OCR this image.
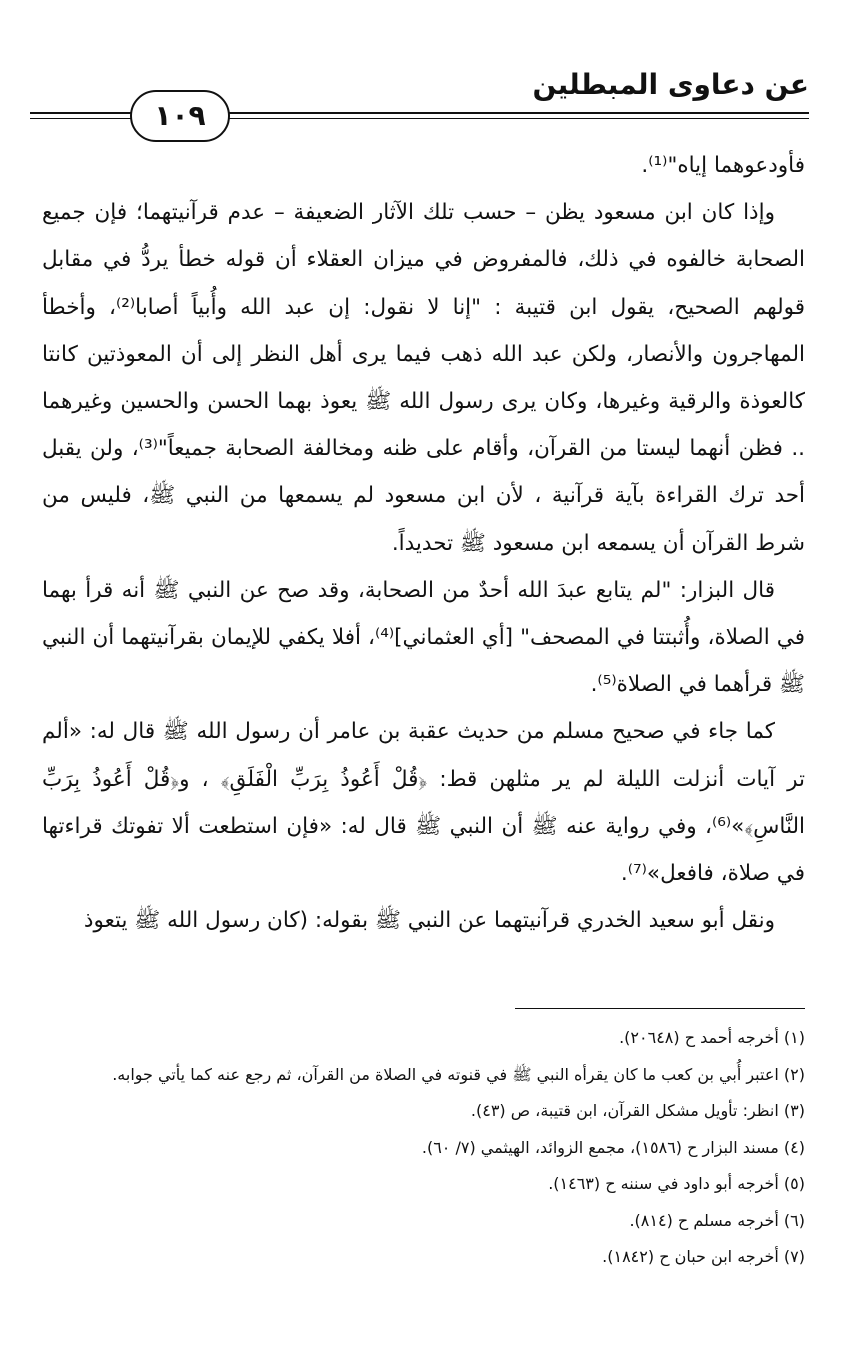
عن دعاوى المبطلين
١٠٩

فأودعوهما إياه"⁽¹⁾.

وإذا كان ابن مسعود يظن – حسب تلك الآثار الضعيفة – عدم قرآنيتهما؛ فإن جميع الصحابة خالفوه في ذلك، فالمفروض في ميزان العقلاء أن قوله خطأ يردُّ في مقابل قولهم الصحيح، يقول ابن قتيبة : "إنا لا نقول: إن عبد الله وأُبياً أصابا⁽²⁾، وأخطأ المهاجرون والأنصار، ولكن عبد الله ذهب فيما يرى أهل النظر إلى أن المعوذتين كانتا كالعوذة والرقية وغيرها، وكان يرى رسول الله ﷺ يعوذ بهما الحسن والحسين وغيرهما .. فظن أنهما ليستا من القرآن، وأقام على ظنه ومخالفة الصحابة جميعاً"⁽³⁾، ولن يقبل أحد ترك القراءة بآية قرآنية ، لأن ابن مسعود لم يسمعها من النبي ﷺ، فليس من شرط القرآن أن يسمعه ابن مسعود ﷺ تحديداً.

قال البزار: "لم يتابع عبدَ الله أحدٌ من الصحابة، وقد صح عن النبي ﷺ أنه قرأ بهما في الصلاة، وأُثبتتا في المصحف" [أي العثماني]⁽⁴⁾، أفلا يكفي للإيمان بقرآنيتهما أن النبي ﷺ قرأهما في الصلاة⁽⁵⁾.

كما جاء في صحيح مسلم من حديث عقبة بن عامر أن رسول الله ﷺ قال له: «ألم تر آيات أنزلت الليلة لم ير مثلهن قط: ﴿قُلْ أَعُوذُ بِرَبِّ الْفَلَقِ﴾ ، و﴿قُلْ أَعُوذُ بِرَبِّ النَّاسِ﴾»⁽⁶⁾، وفي رواية عنه ﷺ أن النبي ﷺ قال له: «فإن استطعت ألا تفوتك قراءتها في صلاة، فافعل»⁽⁷⁾.

ونقل أبو سعيد الخدري قرآنيتهما عن النبي ﷺ بقوله: (كان رسول الله ﷺ يتعوذ

(١) أخرجه أحمد ح (٢٠٦٤٨).
(٢) اعتبر أُبي بن كعب ما كان يقرأه النبي ﷺ في قنوته في الصلاة من القرآن، ثم رجع عنه كما يأتي جوابه.
(٣) انظر: تأويل مشكل القرآن، ابن قتيبة، ص (٤٣).
(٤) مسند البزار ح (١٥٨٦)، مجمع الزوائد، الهيثمي (٧/ ٦٠).
(٥) أخرجه أبو داود في سننه ح (١٤٦٣).
(٦) أخرجه مسلم ح (٨١٤).
(٧) أخرجه ابن حبان ح (١٨٤٢).
